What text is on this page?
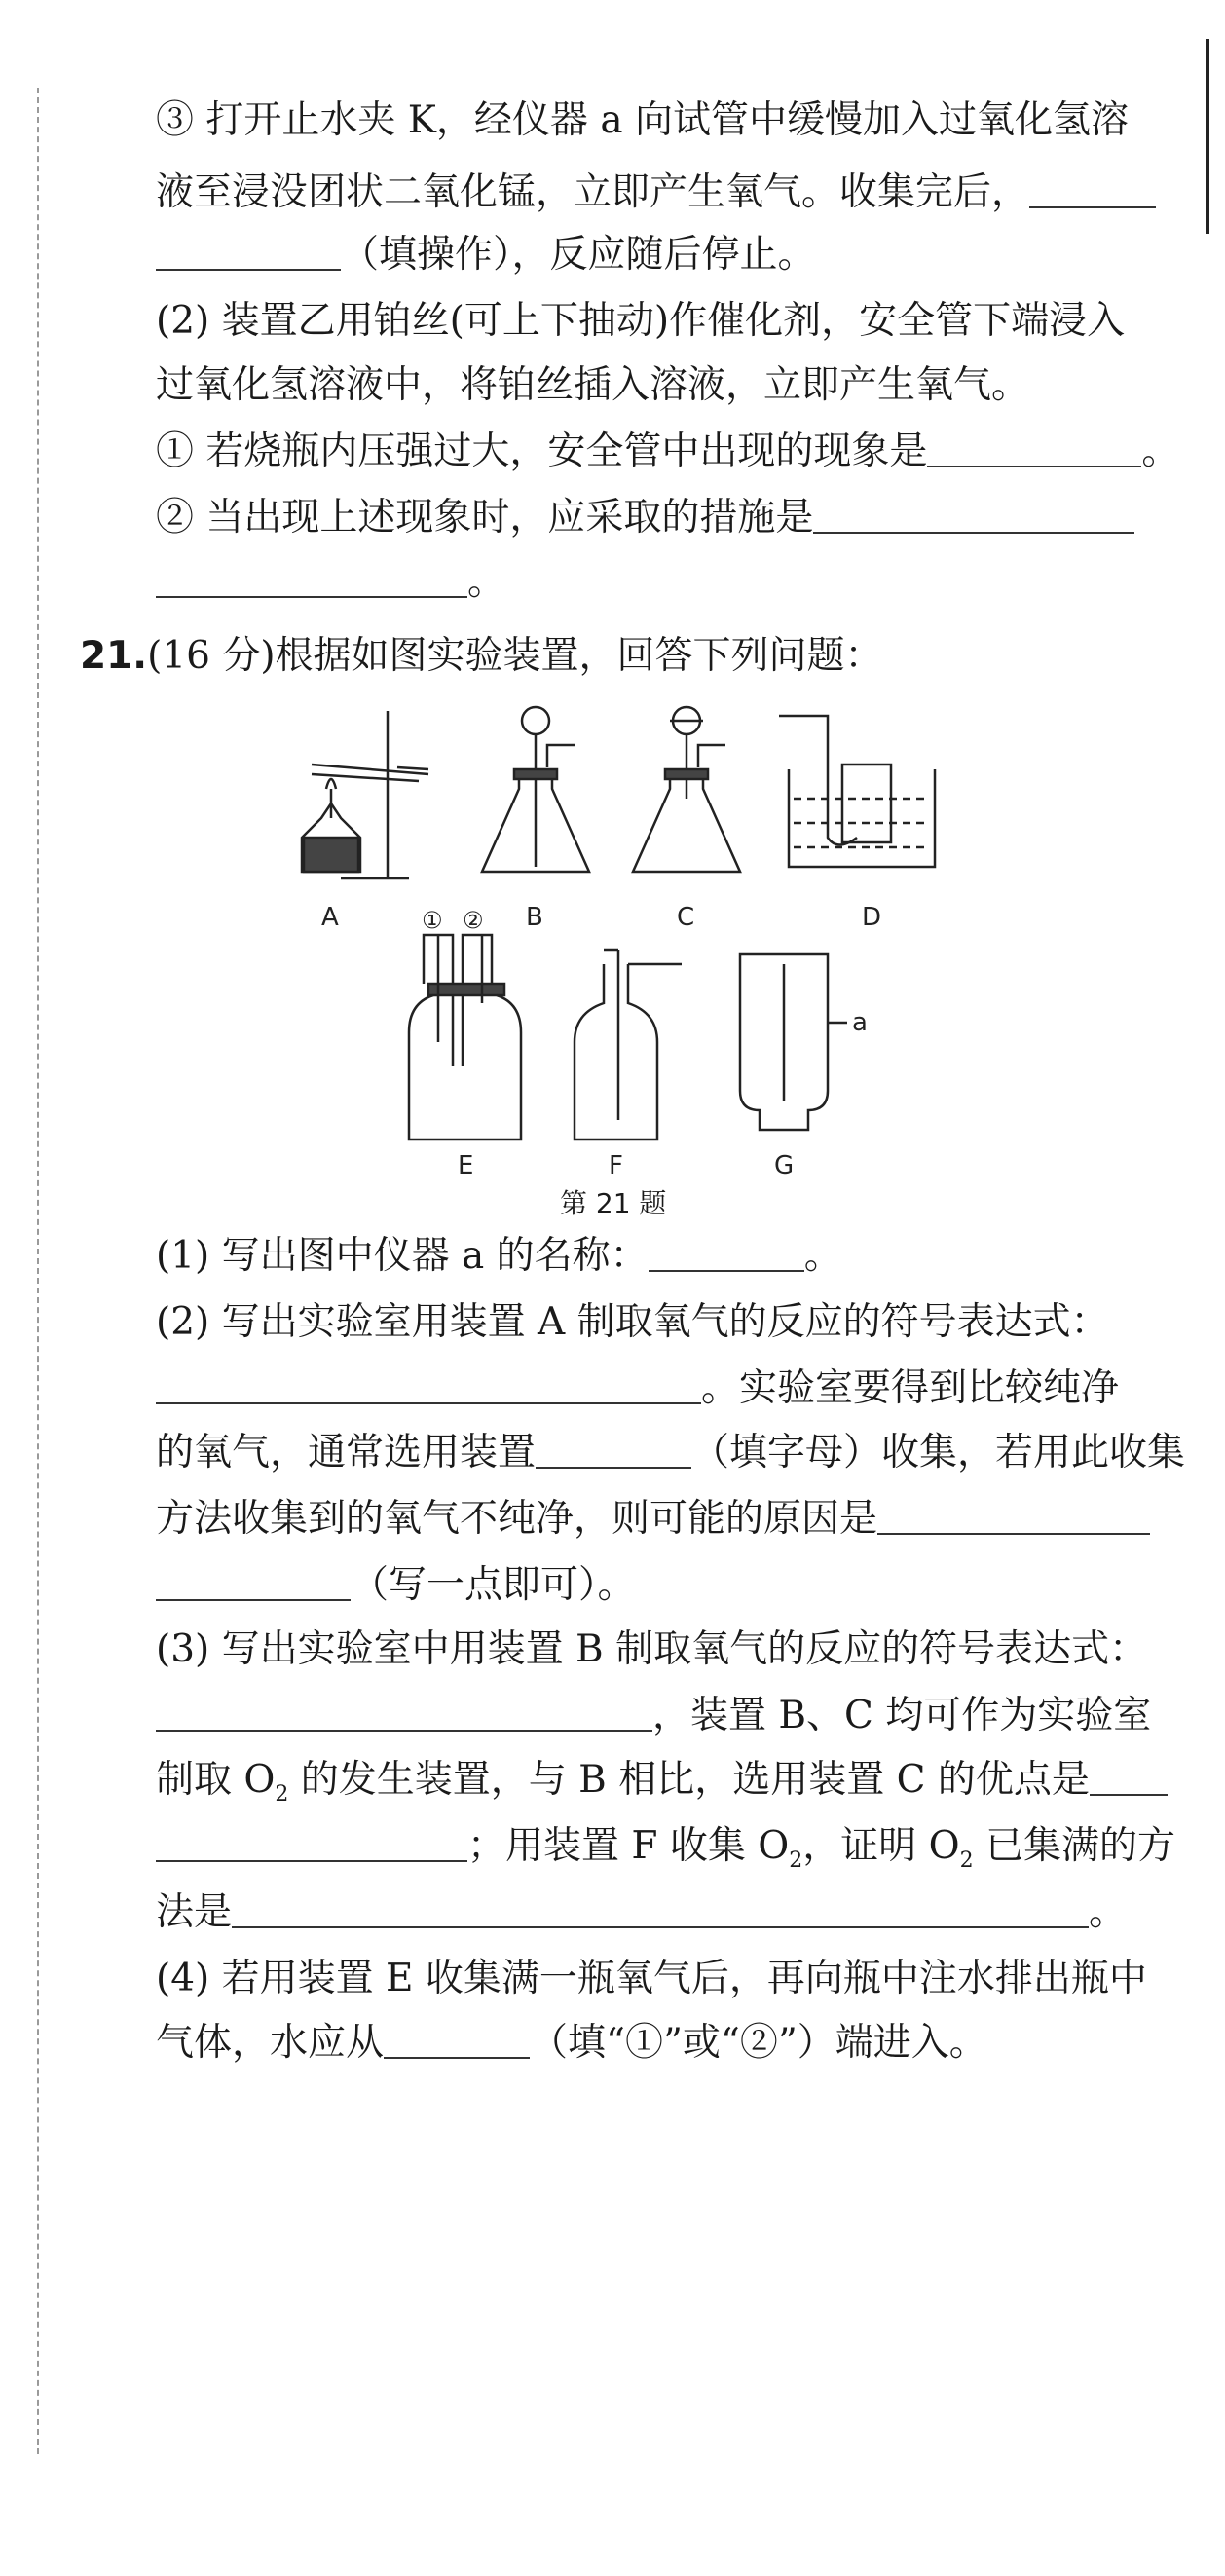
③ 打开止水夹 K，经仪器 a 向试管中缓慢加入过氧化氢溶
液至浸没团状二氧化锰，立即产生氧气。收集完后，
（填操作），反应随后停止。
(2) 装置乙用铂丝(可上下抽动)作催化剂，安全管下端浸入
过氧化氢溶液中，将铂丝插入溶液，立即产生氧气。
① 若烧瓶内压强过大，安全管中出现的现象是	。
② 当出现上述现象时，应采取的措施是
。
21.(16 分)根据如图实验装置，回答下列问题：
A	B	C	D
① ②
a
E	F	G
第 21 题
(1) 写出图中仪器 a 的名称：	。
(2) 写出实验室用装置 A 制取氧气的反应的符号表达式：
。实验室要得到比较纯净
的氧气，通常选用装置	（填字母）收集，若用此收集
方法收集到的氧气不纯净，则可能的原因是
（写一点即可）。
(3) 写出实验室中用装置 B 制取氧气的反应的符号表达式：
，装置 B、C 均可作为实验室
制取 $O_2$ 的发生装置，与 B 相比，选用装置 C 的优点是
；用装置 F 收集 $O_2$，证明 $O_2$ 已集满的方
法是	。
(4) 若用装置 E 收集满一瓶氧气后，再向瓶中注水排出瓶中
气体，水应从	（填“①”或“②”）端进入。
